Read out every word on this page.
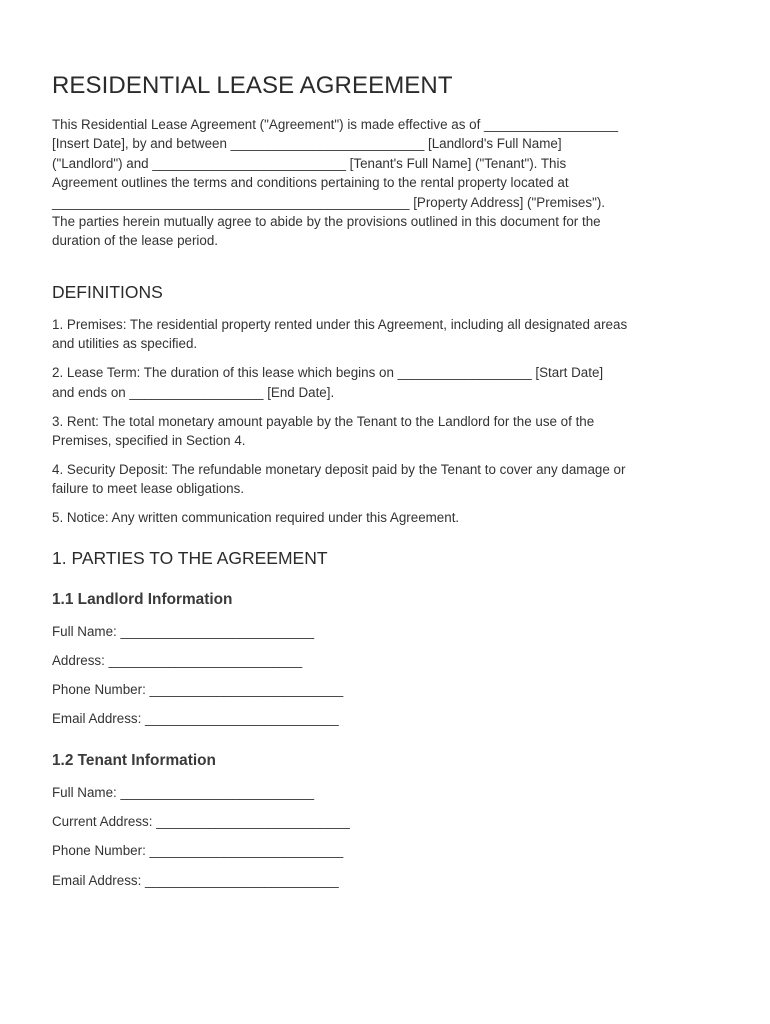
RESIDENTIAL LEASE AGREEMENT

This Residential Lease Agreement ("Agreement") is made effective as of __________________

[Insert Date], by and between __________________________ [Landlord's Full Name]

("Landlord") and __________________________ [Tenant's Full Name] ("Tenant"). This

Agreement outlines the terms and conditions pertaining to the rental property located at

________________________________________________ [Property Address] ("Premises").

The parties herein mutually agree to abide by the provisions outlined in this document for the

duration of the lease period.

DEFINITIONS
1. Premises: The residential property rented under this Agreement, including all designated areas
and utilities as specified.
2. Lease Term: The duration of this lease which begins on __________________ [Start Date]
and ends on __________________ [End Date].
3. Rent: The total monetary amount payable by the Tenant to the Landlord for the use of the
Premises, specified in Section 4.
4. Security Deposit: The refundable monetary deposit paid by the Tenant to cover any damage or
failure to meet lease obligations.
5. Notice: Any written communication required under this Agreement.
1. PARTIES TO THE AGREEMENT
1.1 Landlord Information
Full Name: __________________________
Address: __________________________
Phone Number: __________________________
Email Address: __________________________
1.2 Tenant Information
Full Name: __________________________
Current Address: __________________________
Phone Number: __________________________
Email Address: __________________________
